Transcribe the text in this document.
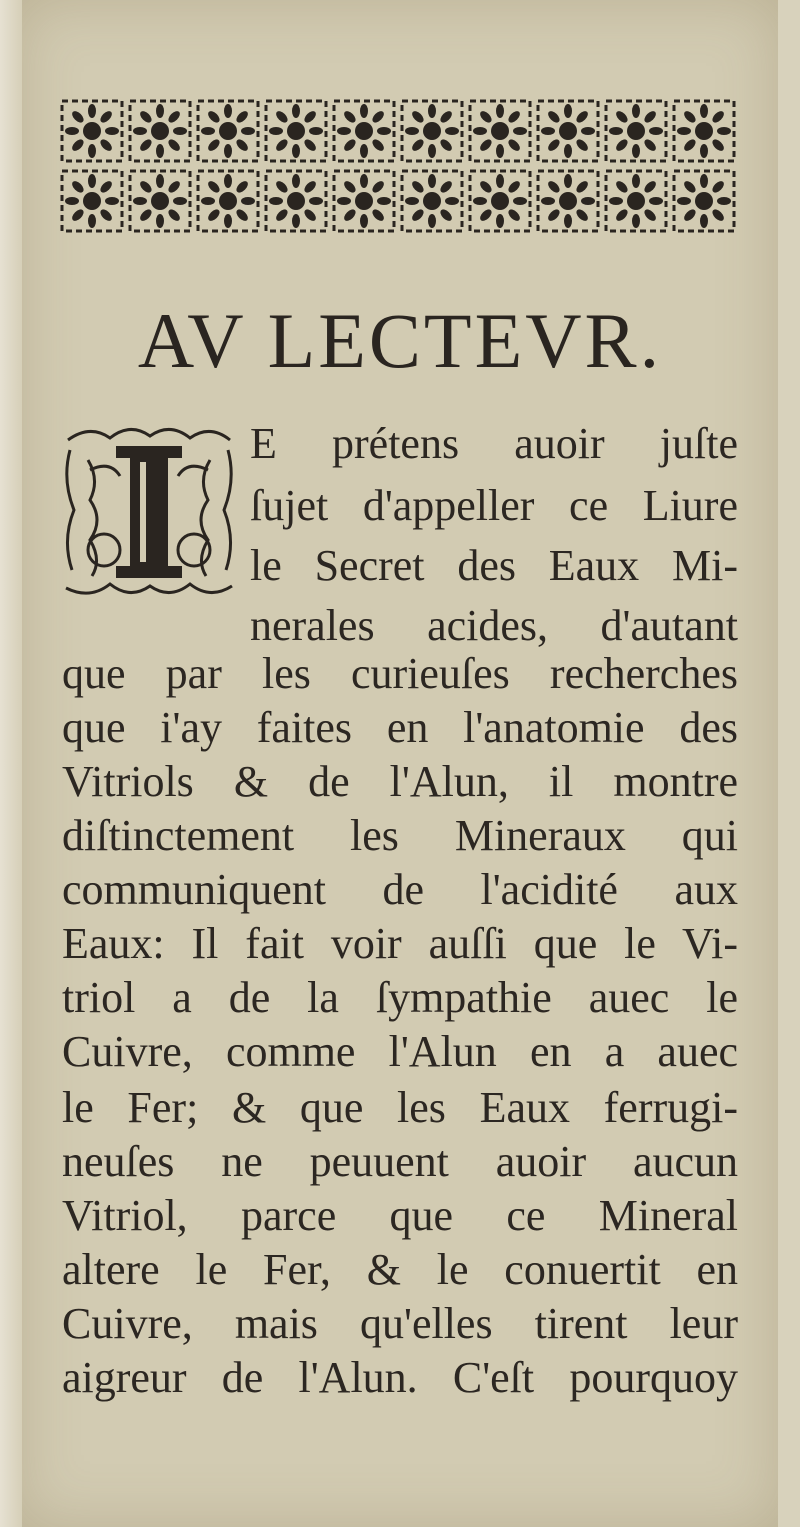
AV LECTEVR.
E prétens auoir juſte
ſujet d'appeller ce Liure
le Secret des Eaux Mi-
nerales acides, d'autant
que par les curieuſes recherches
que i'ay faites en l'anatomie des
Vitriols & de l'Alun, il montre
diſtinctement les Mineraux qui
communiquent de l'acidité aux
Eaux: Il fait voir auſſi que le Vi-
triol a de la ſympathie auec le
Cuivre, comme l'Alun en a auec
le Fer; & que les Eaux ferrugi-
neuſes ne peuuent auoir aucun
Vitriol, parce que ce Mineral
altere le Fer, & le conuertit en
Cuivre, mais qu'elles tirent leur
aigreur de l'Alun. C'eſt pourquoy
